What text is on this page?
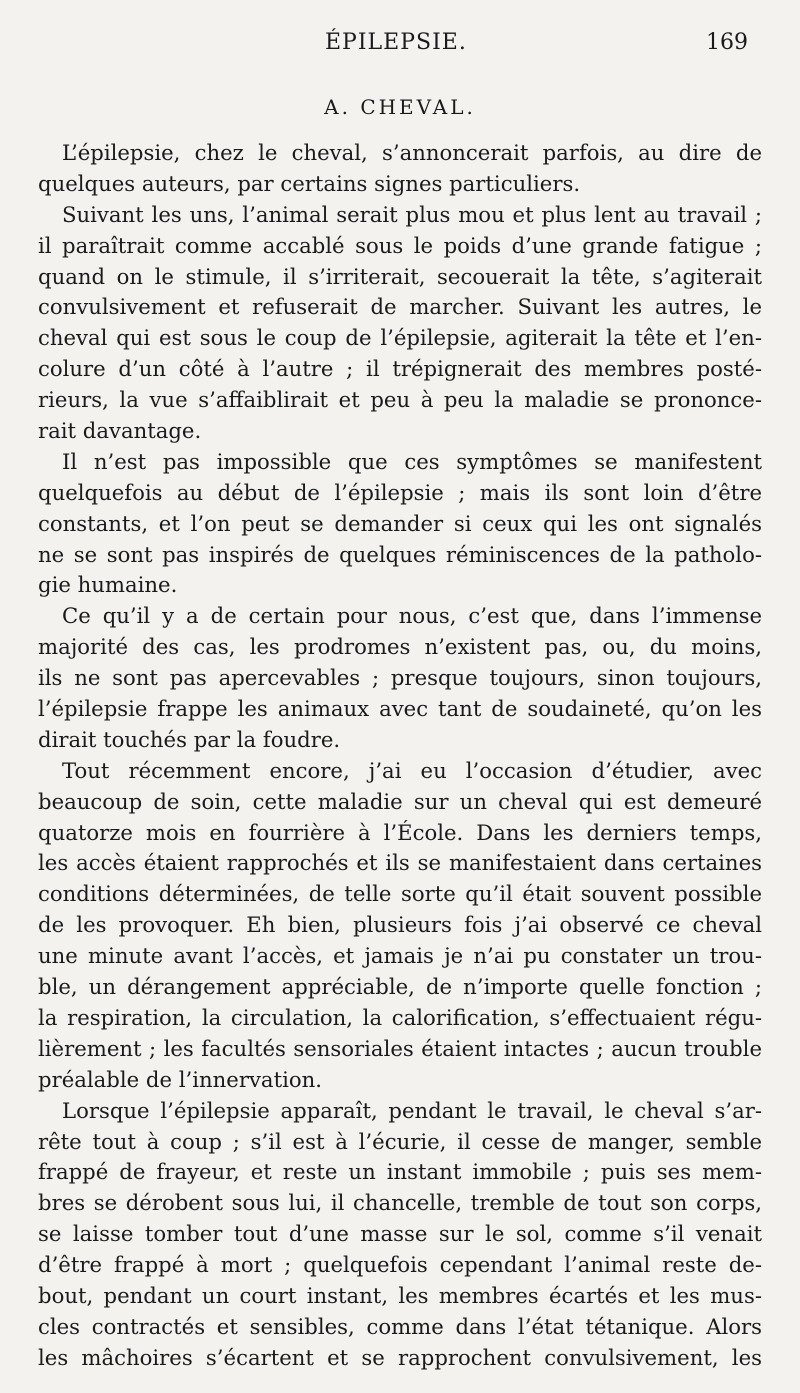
ÉPILEPSIE.	169
A. CHEVAL.
L’épilepsie, chez le cheval, s’annoncerait parfois, au dire de
quelques auteurs, par certains signes particuliers.
Suivant les uns, l’animal serait plus mou et plus lent au travail ;
il paraîtrait comme accablé sous le poids d’une grande fatigue ;
quand on le stimule, il s’irriterait, secouerait la tête, s’agiterait
convulsivement et refuserait de marcher. Suivant les autres, le
cheval qui est sous le coup de l’épilepsie, agiterait la tête et l’en-
colure d’un côté à l’autre ; il trépignerait des membres posté-
rieurs, la vue s’affaiblirait et peu à peu la maladie se prononce-
rait davantage.
Il n’est pas impossible que ces symptômes se manifestent
quelquefois au début de l’épilepsie ; mais ils sont loin d’être
constants, et l’on peut se demander si ceux qui les ont signalés
ne se sont pas inspirés de quelques réminiscences de la patholo-
gie humaine.
Ce qu’il y a de certain pour nous, c’est que, dans l’immense
majorité des cas, les prodromes n’existent pas, ou, du moins,
ils ne sont pas apercevables ; presque toujours, sinon toujours,
l’épilepsie frappe les animaux avec tant de soudaineté, qu’on les
dirait touchés par la foudre.
Tout récemment encore, j’ai eu l’occasion d’étudier, avec
beaucoup de soin, cette maladie sur un cheval qui est demeuré
quatorze mois en fourrière à l’École. Dans les derniers temps,
les accès étaient rapprochés et ils se manifestaient dans certaines
conditions déterminées, de telle sorte qu’il était souvent possible
de les provoquer. Eh bien, plusieurs fois j’ai observé ce cheval
une minute avant l’accès, et jamais je n’ai pu constater un trou-
ble, un dérangement appréciable, de n’importe quelle fonction ;
la respiration, la circulation, la calorification, s’effectuaient régu-
lièrement ; les facultés sensoriales étaient intactes ; aucun trouble
préalable de l’innervation.
Lorsque l’épilepsie apparaît, pendant le travail, le cheval s’ar-
rête tout à coup ; s’il est à l’écurie, il cesse de manger, semble
frappé de frayeur, et reste un instant immobile ; puis ses mem-
bres se dérobent sous lui, il chancelle, tremble de tout son corps,
se laisse tomber tout d’une masse sur le sol, comme s’il venait
d’être frappé à mort ; quelquefois cependant l’animal reste de-
bout, pendant un court instant, les membres écartés et les mus-
cles contractés et sensibles, comme dans l’état tétanique. Alors
les mâchoires s’écartent et se rapprochent convulsivement, les
